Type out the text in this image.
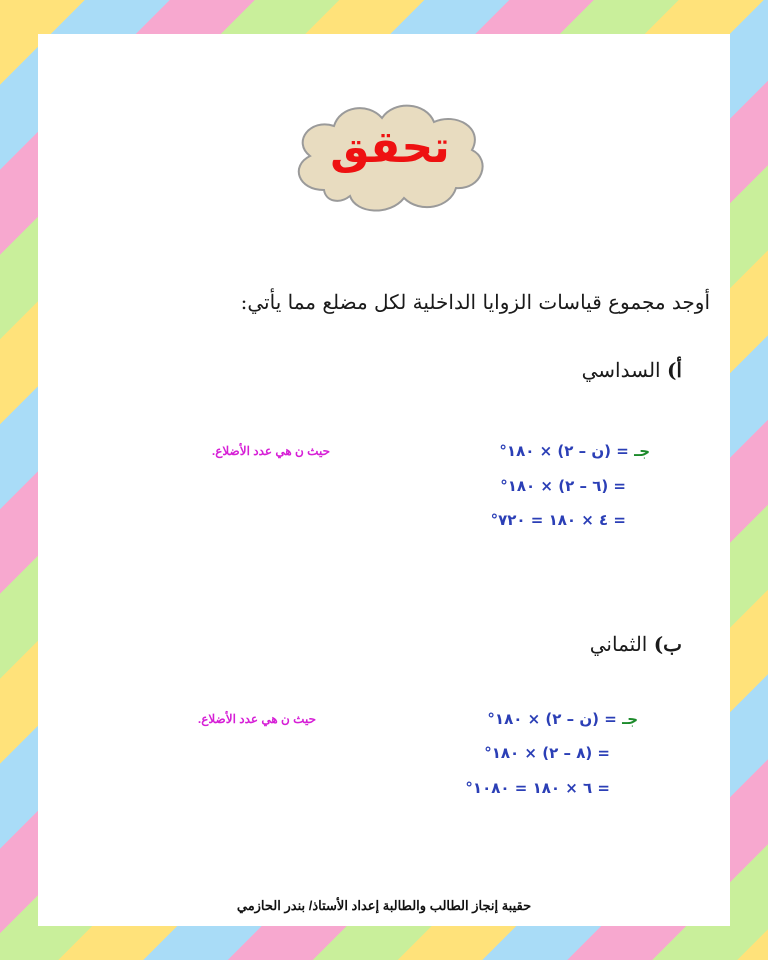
تحقق
أوجد مجموع قياسات الزوايا الداخلية لكل مضلع مما يأتي:
أ) السداسي
حيث ن هي عدد الأضلاع.	جـ = (ن – ٢) × ١٨٠°
= (٦ – ٢) × ١٨٠°
= ٤ × ١٨٠ = ٧٢٠°
ب) الثماني
حيث ن هي عدد الأضلاع.	جـ = (ن – ٢) × ١٨٠°
= (٨ – ٢) × ١٨٠°
= ٦ × ١٨٠ = ١٠٨٠°
حقيبة إنجاز الطالب والطالبة إعداد الأستاذ/ بندر الحازمي
